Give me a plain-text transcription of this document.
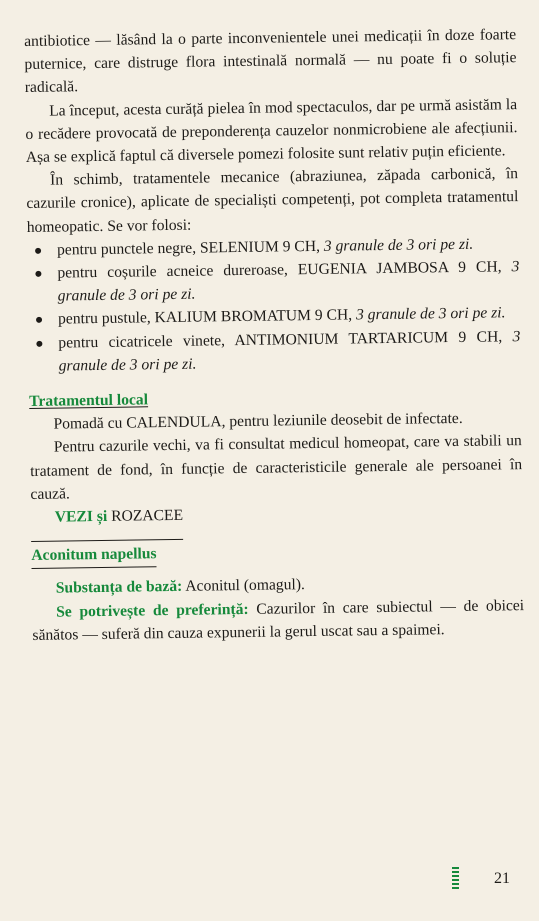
antibiotice — lăsând la o parte inconvenientele unei medicații în doze foarte puternice, care distruge flora intestinală normală — nu poate fi o soluție radicală.

La început, acesta curăță pielea în mod spectaculos, dar pe urmă asistăm la o recădere provocată de preponderența cauzelor nonmicrobiene ale afecțiunii. Așa se explică faptul că diversele pomezi folosite sunt relativ puțin eficiente.

În schimb, tratamentele mecanice (abraziunea, zăpada carbonică, în cazurile cronice), aplicate de specialiști competenți, pot completa tratamentul homeopatic. Se vor folosi:

pentru punctele negre, SELENIUM 9 CH, 3 granule de 3 ori pe zi.
pentru coșurile acneice dureroase, EUGENIA JAMBOSA 9 CH, 3 granule de 3 ori pe zi.
pentru pustule, KALIUM BROMATUM 9 CH, 3 granule de 3 ori pe zi.
pentru cicatricele vinete, ANTIMONIUM TARTARICUM 9 CH, 3 granule de 3 ori pe zi.
Tratamentul local

Pomadă cu CALENDULA, pentru leziunile deosebit de infectate.

Pentru cazurile vechi, va fi consultat medicul homeopat, care va stabili un tratament de fond, în funcție de caracteristicile generale ale persoanei în cauză.

VEZI și ROZACEE

Aconitum napellus

Substanța de bază: Aconitul (omagul).

Se potrivește de preferință: Cazurilor în care subiectul — de obicei sănătos — suferă din cauza expunerii la gerul uscat sau a spaimei.

21
